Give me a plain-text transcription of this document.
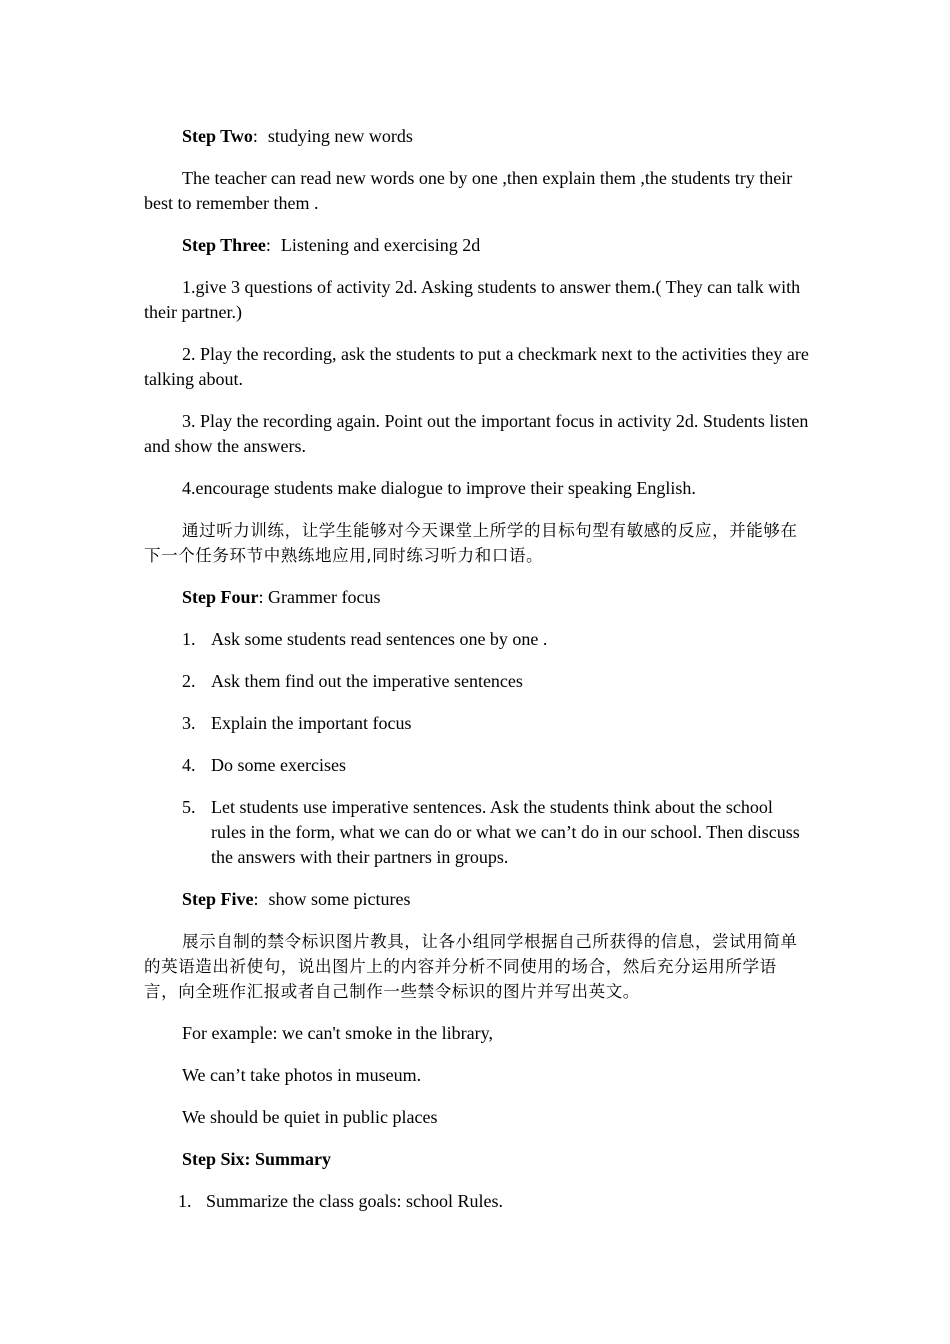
Step Two: studying new words

The teacher can read new words one by one ,then explain them ,the students try their best to remember them .

Step Three: Listening and exercising 2d

1.give 3 questions of activity 2d. Asking students to answer them.( They can talk with their partner.)

2. Play the recording, ask the students to put a checkmark next to the activities they are talking about.

3. Play the recording again. Point out the important focus in activity 2d. Students listen and show the answers.

4.encourage students make dialogue to improve their speaking English.

通过听力训练，让学生能够对今天课堂上所学的目标句型有敏感的反应，并能够在下一个任务环节中熟练地应用,同时练习听力和口语。

Step Four: Grammer focus

1. Ask some students read sentences one by one .
2. Ask them find out the imperative sentences
3. Explain the important focus
4. Do some exercises
5. Let students use imperative sentences. Ask the students think about the school rules in the form, what we can do or what we can’t do in our school. Then discuss the answers with their partners in groups.

Step Five: show some pictures

展示自制的禁令标识图片教具，让各小组同学根据自己所获得的信息，尝试用简单的英语造出祈使句，说出图片上的内容并分析不同使用的场合，然后充分运用所学语言，向全班作汇报或者自己制作一些禁令标识的图片并写出英文。

For example: we can't smoke in the library,

We can’t take photos in museum.

We should be quiet in public places

Step Six: Summary

1. Summarize the class goals: school Rules.
